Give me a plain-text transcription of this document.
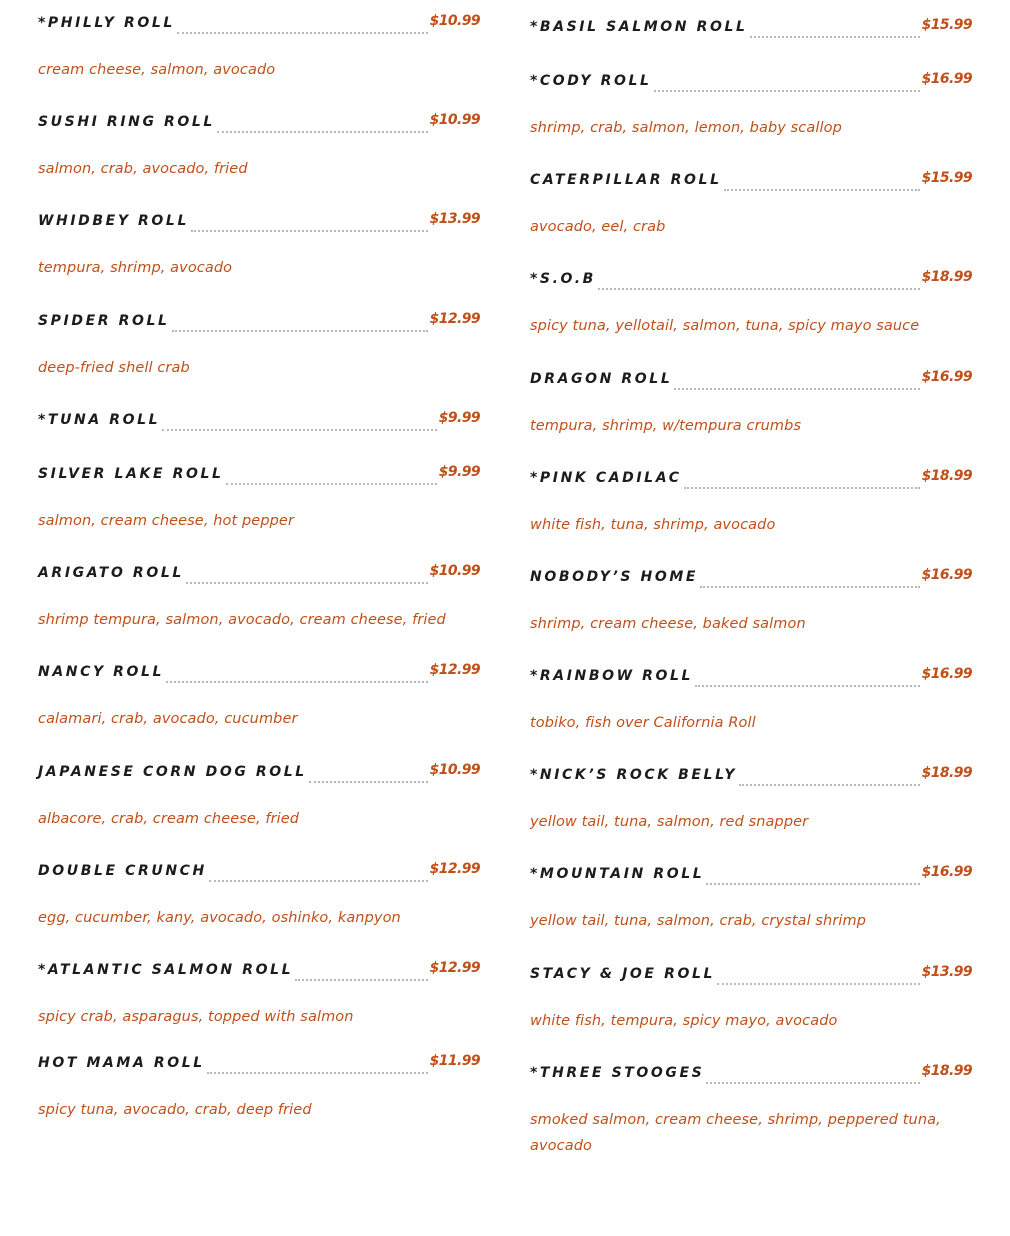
*PHILLY ROLL	$10.99
cream cheese, salmon, avocado
SUSHI RING ROLL	$10.99
salmon, crab, avocado, fried
WHIDBEY ROLL	$13.99
tempura, shrimp, avocado
SPIDER ROLL	$12.99
deep-fried shell crab
*TUNA ROLL	$9.99
SILVER LAKE ROLL	$9.99
salmon, cream cheese, hot pepper
ARIGATO ROLL	$10.99
shrimp tempura, salmon, avocado, cream cheese, fried
NANCY ROLL	$12.99
calamari, crab, avocado, cucumber
JAPANESE CORN DOG ROLL	$10.99
albacore, crab, cream cheese, fried
DOUBLE CRUNCH	$12.99
egg, cucumber, kany, avocado, oshinko, kanpyon
*ATLANTIC SALMON ROLL	$12.99
spicy crab, asparagus, topped with salmon
HOT MAMA ROLL	$11.99
spicy tuna, avocado, crab, deep fried
*BASIL SALMON ROLL	$15.99
*CODY ROLL	$16.99
shrimp, crab, salmon, lemon, baby scallop
CATERPILLAR ROLL	$15.99
avocado, eel, crab
*S.O.B	$18.99
spicy tuna, yellotail, salmon, tuna, spicy mayo sauce
DRAGON ROLL	$16.99
tempura, shrimp, w/tempura crumbs
*PINK CADILAC	$18.99
white fish, tuna, shrimp, avocado
NOBODY’S HOME	$16.99
shrimp, cream cheese, baked salmon
*RAINBOW ROLL	$16.99
tobiko, fish over California Roll
*NICK’S ROCK BELLY	$18.99
yellow tail, tuna, salmon, red snapper
*MOUNTAIN ROLL	$16.99
yellow tail, tuna, salmon, crab, crystal shrimp
STACY & JOE ROLL	$13.99
white fish, tempura, spicy mayo, avocado
*THREE STOOGES	$18.99
smoked salmon, cream cheese, shrimp, peppered tuna, avocado
